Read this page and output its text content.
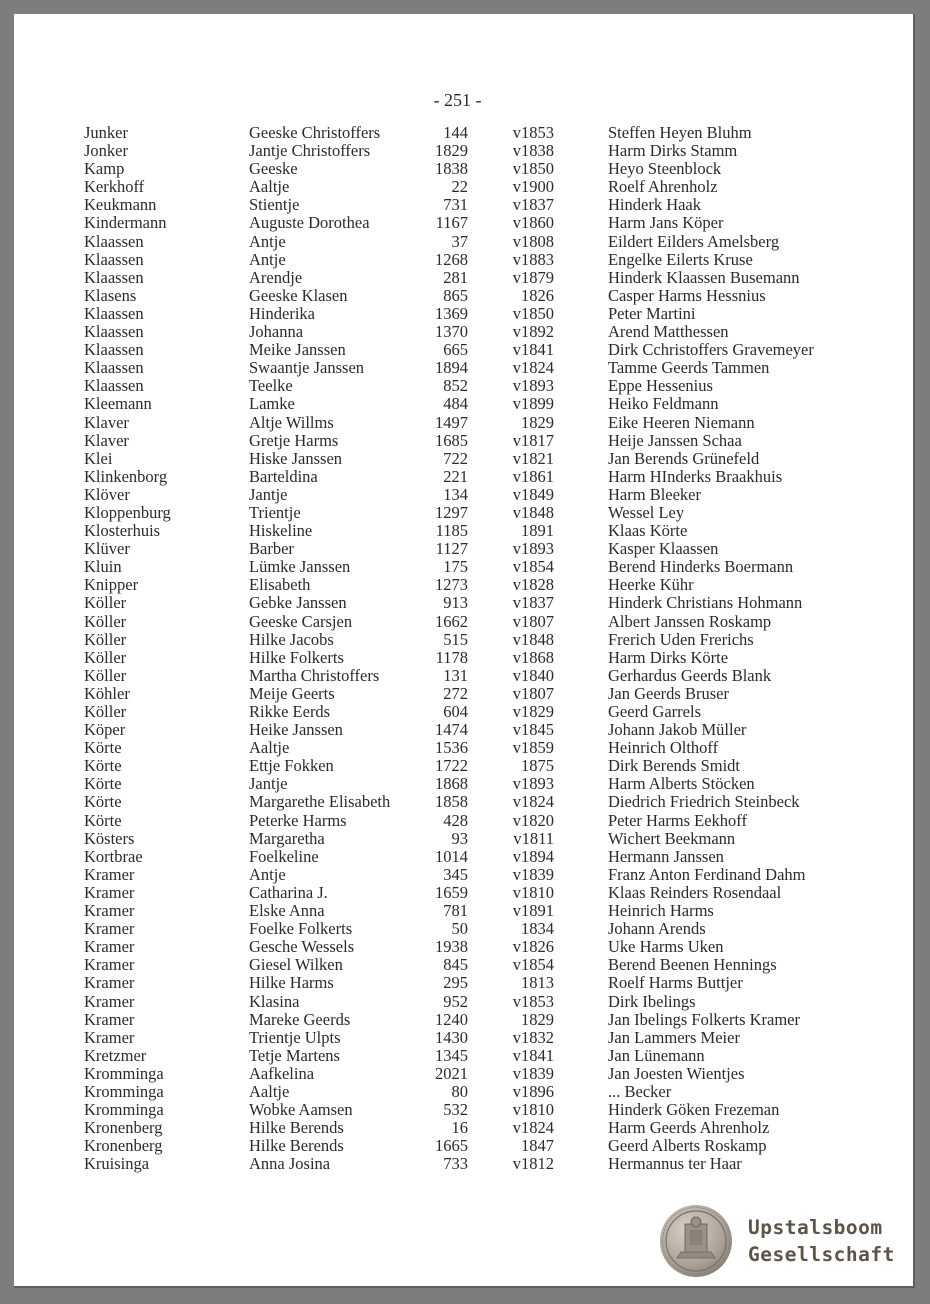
- 251 -
Junker	Geeske Christoffers	144	v1853	Steffen Heyen Bluhm
Jonker	Jantje Christoffers	1829	v1838	Harm Dirks Stamm
Kamp	Geeske	1838	v1850	Heyo Steenblock
Kerkhoff	Aaltje	22	v1900	Roelf Ahrenholz
Keukmann	Stientje	731	v1837	Hinderk Haak
Kindermann	Auguste Dorothea	1167	v1860	Harm Jans Köper
Klaassen	Antje	37	v1808	Eildert Eilders Amelsberg
Klaassen	Antje	1268	v1883	Engelke Eilerts Kruse
Klaassen	Arendje	281	v1879	Hinderk Klaassen Busemann
Klasens	Geeske Klasen	865	1826	Casper Harms Hessnius
Klaassen	Hinderika	1369	v1850	Peter Martini
Klaassen	Johanna	1370	v1892	Arend Matthessen
Klaassen	Meike Janssen	665	v1841	Dirk Cchristoffers Gravemeyer
Klaassen	Swaantje Janssen	1894	v1824	Tamme Geerds Tammen
Klaassen	Teelke	852	v1893	Eppe Hessenius
Kleemann	Lamke	484	v1899	Heiko Feldmann
Klaver	Altje Willms	1497	1829	Eike Heeren Niemann
Klaver	Gretje Harms	1685	v1817	Heije Janssen Schaa
Klei	Hiske Janssen	722	v1821	Jan Berends Grünefeld
Klinkenborg	Barteldina	221	v1861	Harm HInderks Braakhuis
Klöver	Jantje	134	v1849	Harm Bleeker
Kloppenburg	Trientje	1297	v1848	Wessel Ley
Klosterhuis	Hiskeline	1185	1891	Klaas Körte
Klüver	Barber	1127	v1893	Kasper Klaassen
Kluin	Lümke Janssen	175	v1854	Berend Hinderks Boermann
Knipper	Elisabeth	1273	v1828	Heerke Kühr
Köller	Gebke Janssen	913	v1837	Hinderk Christians Hohmann
Köller	Geeske Carsjen	1662	v1807	Albert Janssen Roskamp
Köller	Hilke Jacobs	515	v1848	Frerich Uden Frerichs
Köller	Hilke Folkerts	1178	v1868	Harm Dirks Körte
Köller	Martha Christoffers	131	v1840	Gerhardus Geerds Blank
Köhler	Meije Geerts	272	v1807	Jan Geerds Bruser
Köller	Rikke Eerds	604	v1829	Geerd Garrels
Köper	Heike Janssen	1474	v1845	Johann Jakob Müller
Körte	Aaltje	1536	v1859	Heinrich Olthoff
Körte	Ettje Fokken	1722	1875	Dirk Berends Smidt
Körte	Jantje	1868	v1893	Harm Alberts Stöcken
Körte	Margarethe Elisabeth	1858	v1824	Diedrich Friedrich Steinbeck
Körte	Peterke Harms	428	v1820	Peter Harms Eekhoff
Kösters	Margaretha	93	v1811	Wichert Beekmann
Kortbrae	Foelkeline	1014	v1894	Hermann Janssen
Kramer	Antje	345	v1839	Franz Anton Ferdinand Dahm
Kramer	Catharina J.	1659	v1810	Klaas Reinders Rosendaal
Kramer	Elske Anna	781	v1891	Heinrich Harms
Kramer	Foelke Folkerts	50	1834	Johann Arends
Kramer	Gesche Wessels	1938	v1826	Uke Harms Uken
Kramer	Giesel Wilken	845	v1854	Berend Beenen Hennings
Kramer	Hilke Harms	295	1813	Roelf Harms Buttjer
Kramer	Klasina	952	v1853	Dirk Ibelings
Kramer	Mareke Geerds	1240	1829	Jan Ibelings Folkerts Kramer
Kramer	Trientje Ulpts	1430	v1832	Jan Lammers Meier
Kretzmer	Tetje Martens	1345	v1841	Jan Lünemann
Kromminga	Aafkelina	2021	v1839	Jan Joesten Wientjes
Kromminga	Aaltje	80	v1896	... Becker
Kromminga	Wobke Aamsen	532	v1810	Hinderk Göken Frezeman
Kronenberg	Hilke Berends	16	v1824	Harm Geerds Ahrenholz
Kronenberg	Hilke Berends	1665	1847	Geerd Alberts Roskamp
Kruisinga	Anna Josina	733	v1812	Hermannus ter Haar
Upstalsboom
Gesellschaft
